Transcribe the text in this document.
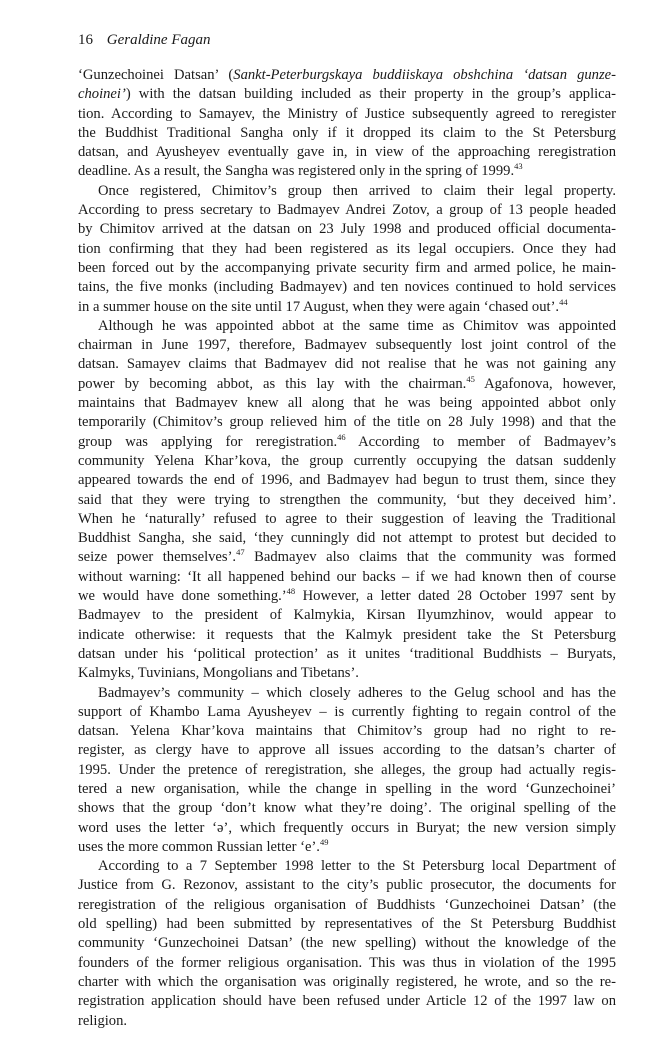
16 Geraldine Fagan
‘Gunzechoinei Datsan’ (Sankt-Peterburgskaya buddiiskaya obshchina ‘datsan gunze-
choinei’) with the datsan building included as their property in the group’s applica-
tion. According to Samayev, the Ministry of Justice subsequently agreed to reregister
the Buddhist Traditional Sangha only if it dropped its claim to the St Petersburg
datsan, and Ayusheyev eventually gave in, in view of the approaching reregistration
deadline. As a result, the Sangha was registered only in the spring of 1999.43
Once registered, Chimitov’s group then arrived to claim their legal property.
According to press secretary to Badmayev Andrei Zotov, a group of 13 people headed
by Chimitov arrived at the datsan on 23 July 1998 and produced official documenta-
tion confirming that they had been registered as its legal occupiers. Once they had
been forced out by the accompanying private security firm and armed police, he main-
tains, the five monks (including Badmayev) and ten novices continued to hold services
in a summer house on the site until 17 August, when they were again ‘chased out’.$^{44}$
Although he was appointed abbot at the same time as Chimitov was appointed
chairman in June 1997, therefore, Badmayev subsequently lost joint control of the
datsan. Samayev claims that Badmayev did not realise that he was not gaining any
power by becoming abbot, as this lay with the chairman.$^{45}$ Agafonova, however,
maintains that Badmayev knew all along that he was being appointed abbot only
temporarily (Chimitov’s group relieved him of the title on 28 July 1998) and that the
group was applying for reregistration.$^{46}$ According to member of Badmayev’s
community Yelena Khar’kova, the group currently occupying the datsan suddenly
appeared towards the end of 1996, and Badmayev had begun to trust them, since they
said that they were trying to strengthen the community, ‘but they deceived him’.
When he ‘naturally’ refused to agree to their suggestion of leaving the Traditional
Buddhist Sangha, she said, ‘they cunningly did not attempt to protest but decided to
seize power themselves’.$^{47}$ Badmayev also claims that the community was formed
without warning: ‘It all happened behind our backs – if we had known then of course
we would have done something.’$^{48}$ However, a letter dated 28 October 1997 sent by
Badmayev to the president of Kalmykia, Kirsan Ilyumzhinov, would appear to
indicate otherwise: it requests that the Kalmyk president take the St Petersburg
datsan under his ‘political protection’ as it unites ‘traditional Buddhists – Buryats,
Kalmyks, Tuvinians, Mongolians and Tibetans’.
Badmayev’s community – which closely adheres to the Gelug school and has the
support of Khambo Lama Ayusheyev – is currently fighting to regain control of the
datsan. Yelena Khar’kova maintains that Chimitov’s group had no right to re-
register, as clergy have to approve all issues according to the datsan’s charter of
1995. Under the pretence of reregistration, she alleges, the group had actually regis-
tered a new organisation, while the change in spelling in the word ‘Gunzechoinei’
shows that the group ‘don’t know what they’re doing’. The original spelling of the
word uses the letter ‘ə’, which frequently occurs in Buryat; the new version simply
uses the more common Russian letter ‘e’.$^{49}$
According to a 7 September 1998 letter to the St Petersburg local Department of
Justice from G. Rezonov, assistant to the city’s public prosecutor, the documents for
reregistration of the religious organisation of Buddhists ‘Gunzechoinei Datsan’ (the
old spelling) had been submitted by representatives of the St Petersburg Buddhist
community ‘Gunzechoinei Datsan’ (the new spelling) without the knowledge of the
founders of the former religious organisation. This was thus in violation of the 1995
charter with which the organisation was originally registered, he wrote, and so the re-
registration application should have been refused under Article 12 of the 1997 law on
religion.
